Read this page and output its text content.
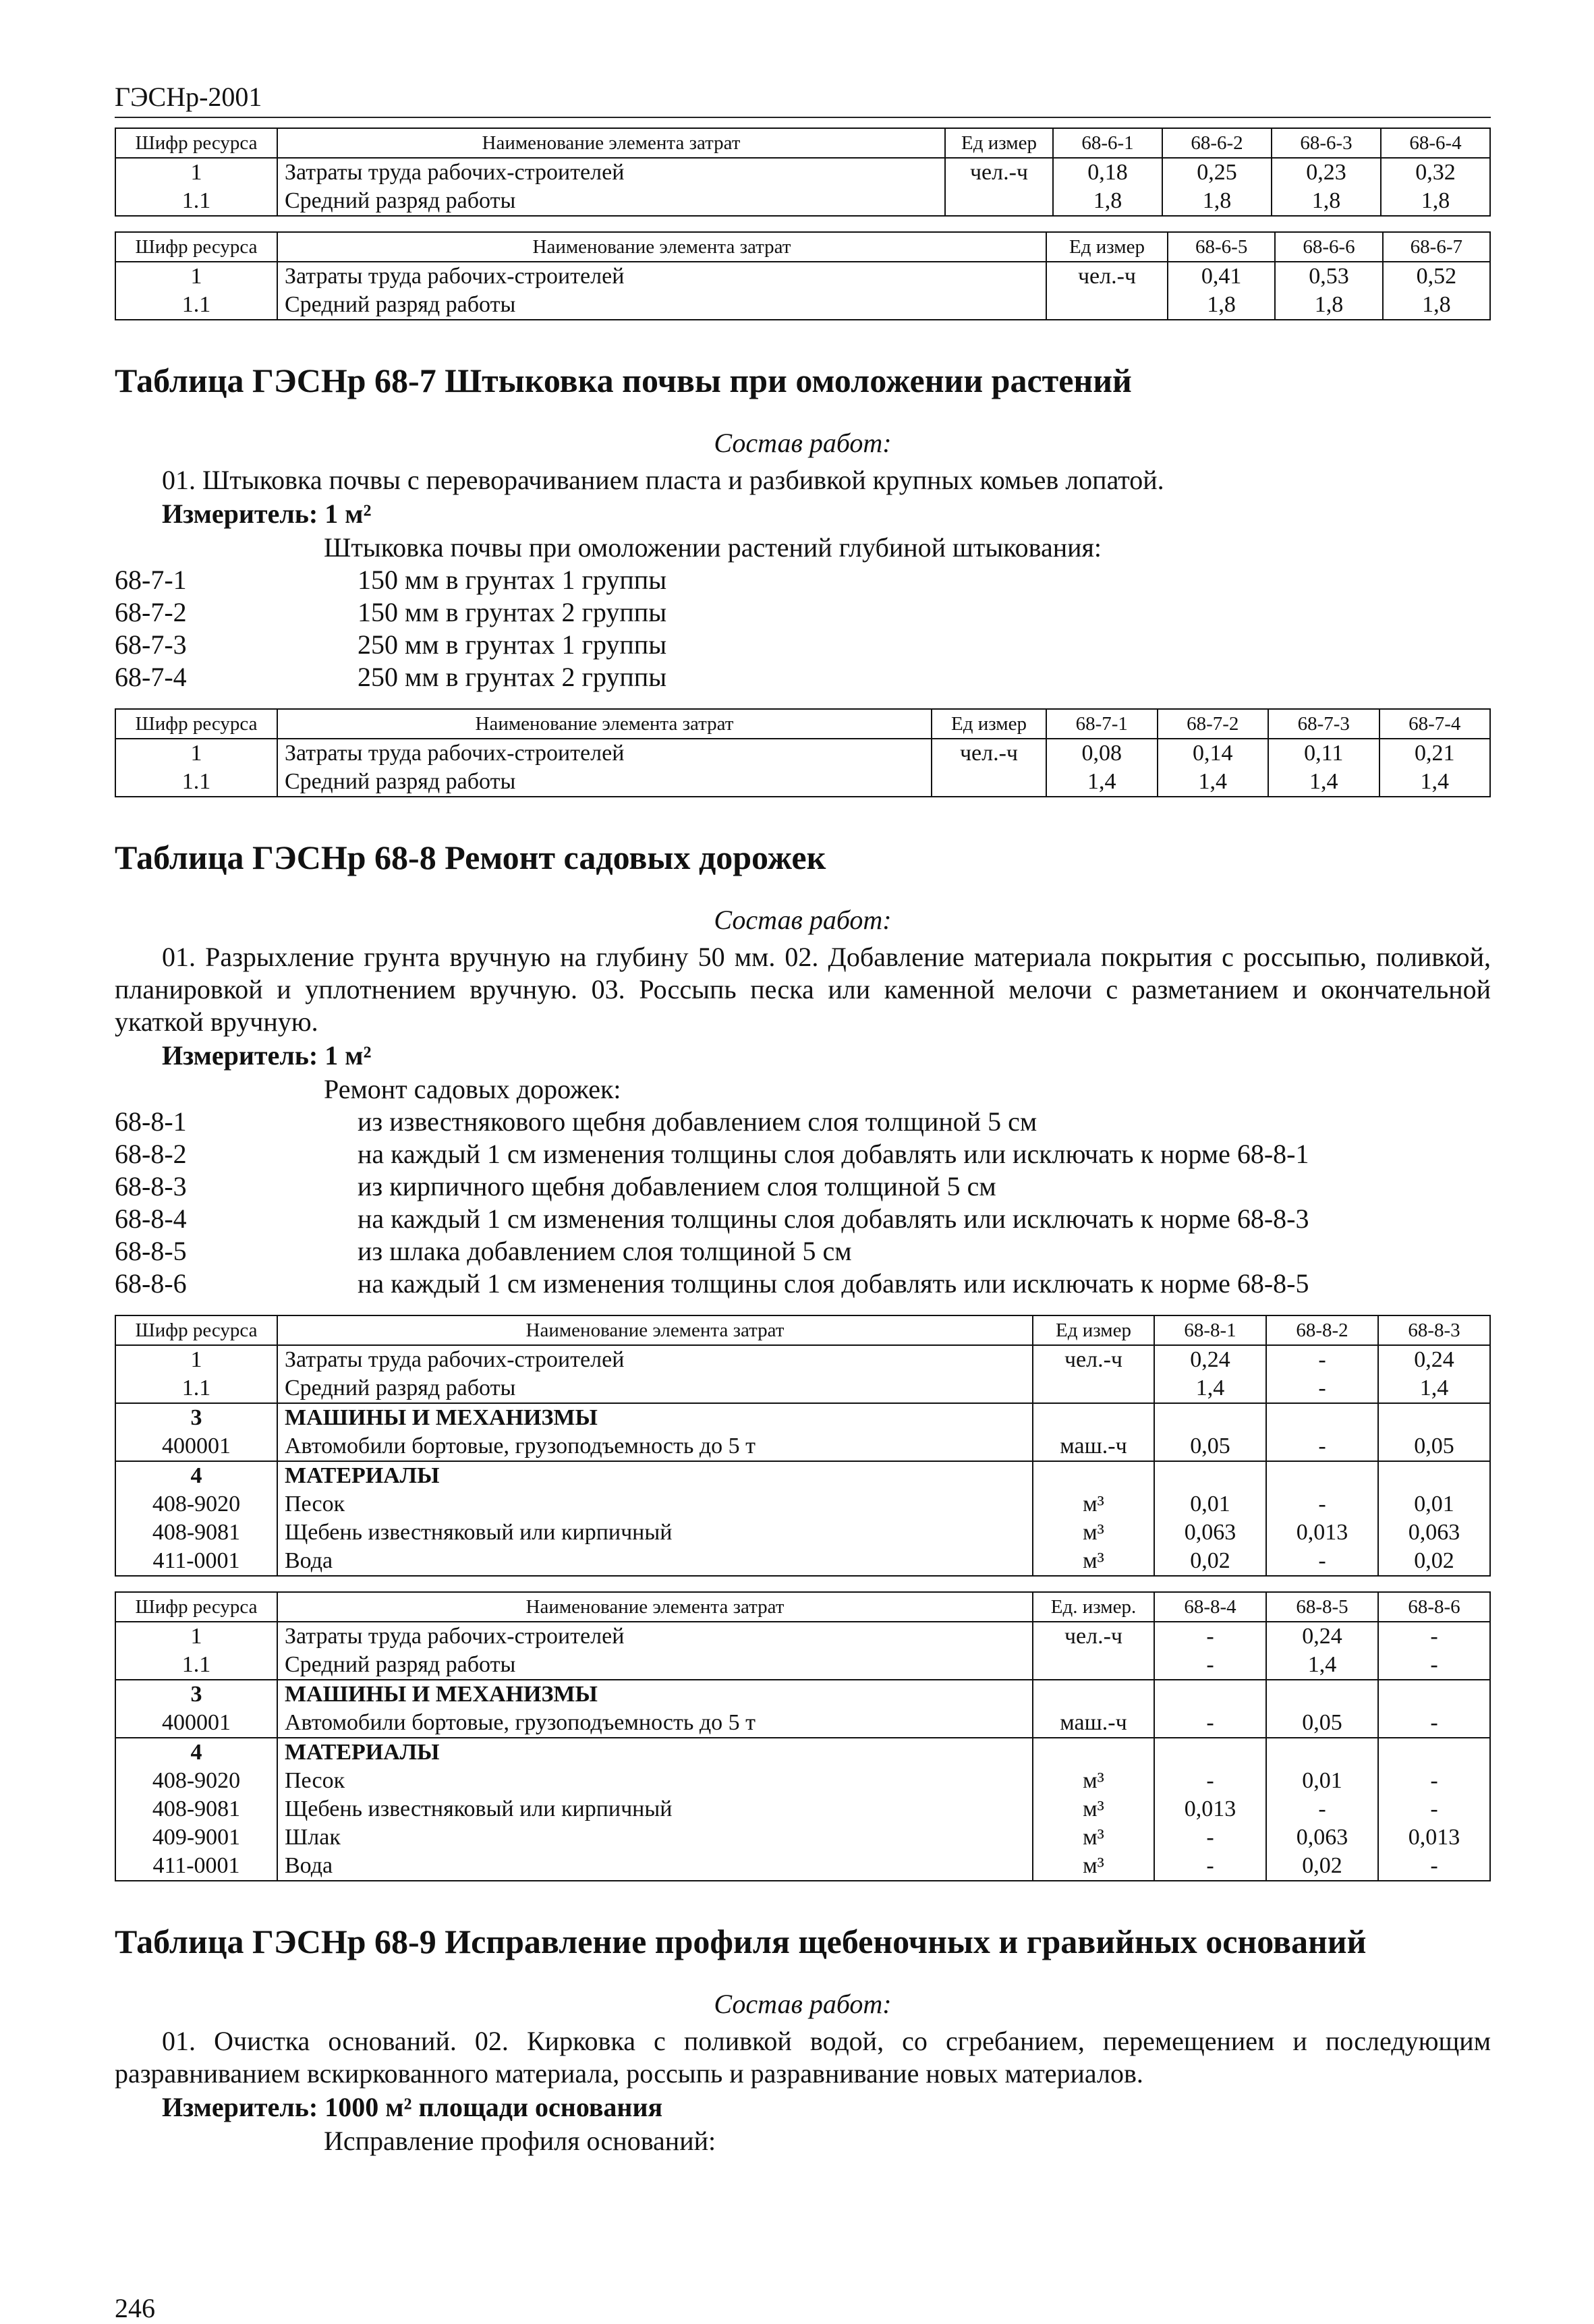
ГЭСНр-2001
Шифр ресурса	Наименование элемента затрат	Ед измер	68-6-1	68-6-2	68-6-3	68-6-4
1	Затраты труда рабочих-строителей	чел.-ч	0,18	0,25	0,23	0,32
1.1	Средний разряд работы		1,8	1,8	1,8	1,8
Шифр ресурса	Наименование элемента затрат	Ед измер	68-6-5	68-6-6	68-6-7
1	Затраты труда рабочих-строителей	чел.-ч	0,41	0,53	0,52
1.1	Средний разряд работы		1,8	1,8	1,8
Таблица ГЭСНр 68-7 Штыковка почвы при омоложении растений
Состав работ:

01. Штыковка почвы с переворачиванием пласта и разбивкой крупных комьев лопатой.

Измеритель: 1 м²
Штыковка почвы при омоложении растений глубиной штыкования:
68-7-1	150 мм в грунтах 1 группы
68-7-2	150 мм в грунтах 2 группы
68-7-3	250 мм в грунтах 1 группы
68-7-4	250 мм в грунтах 2 группы
Шифр ресурса	Наименование элемента затрат	Ед измер	68-7-1	68-7-2	68-7-3	68-7-4
1	Затраты труда рабочих-строителей	чел.-ч	0,08	0,14	0,11	0,21
1.1	Средний разряд работы		1,4	1,4	1,4	1,4
Таблица ГЭСНр 68-8 Ремонт садовых дорожек
Состав работ:

01. Разрыхление грунта вручную на глубину 50 мм. 02. Добавление материала покрытия с россыпью, поливкой, планировкой и уплотнением вручную. 03. Россыпь песка или каменной мелочи с разметанием и окончательной укаткой вручную.

Измеритель: 1 м²
Ремонт садовых дорожек:
68-8-1	из известнякового щебня добавлением слоя толщиной 5 см
68-8-2	на каждый 1 см изменения толщины слоя добавлять или исключать к норме 68-8-1
68-8-3	из кирпичного щебня добавлением слоя толщиной 5 см
68-8-4	на каждый 1 см изменения толщины слоя добавлять или исключать к норме 68-8-3
68-8-5	из шлака добавлением слоя толщиной 5 см
68-8-6	на каждый 1 см изменения толщины слоя добавлять или исключать к норме 68-8-5
Шифр ресурса	Наименование элемента затрат	Ед измер	68-8-1	68-8-2	68-8-3
1	Затраты труда рабочих-строителей	чел.-ч	0,24	-	0,24
1.1	Средний разряд работы		1,4	-	1,4
3	МАШИНЫ И МЕХАНИЗМЫ				
400001	Автомобили бортовые, грузоподъемность до 5 т	маш.-ч	0,05	-	0,05
4	МАТЕРИАЛЫ				
408-9020	Песок	м³	0,01	-	0,01
408-9081	Щебень известняковый или кирпичный	м³	0,063	0,013	0,063
411-0001	Вода	м³	0,02	-	0,02
Шифр ресурса	Наименование элемента затрат	Ед. измер.	68-8-4	68-8-5	68-8-6
1	Затраты труда рабочих-строителей	чел.-ч	-	0,24	-
1.1	Средний разряд работы		-	1,4	-
3	МАШИНЫ И МЕХАНИЗМЫ				
400001	Автомобили бортовые, грузоподъемность до 5 т	маш.-ч	-	0,05	-
4	МАТЕРИАЛЫ				
408-9020	Песок	м³	-	0,01	-
408-9081	Щебень известняковый или кирпичный	м³	0,013	-	-
409-9001	Шлак	м³	-	0,063	0,013
411-0001	Вода	м³	-	0,02	-
Таблица ГЭСНр 68-9 Исправление профиля щебеночных и гравийных оснований
Состав работ:

01. Очистка оснований. 02. Кирковка с поливкой водой, со сгребанием, перемещением и последующим разравниванием вскиркованного материала, россыпь и разравнивание новых материалов.

Измеритель: 1000 м² площади основания
Исправление профиля оснований:
246
